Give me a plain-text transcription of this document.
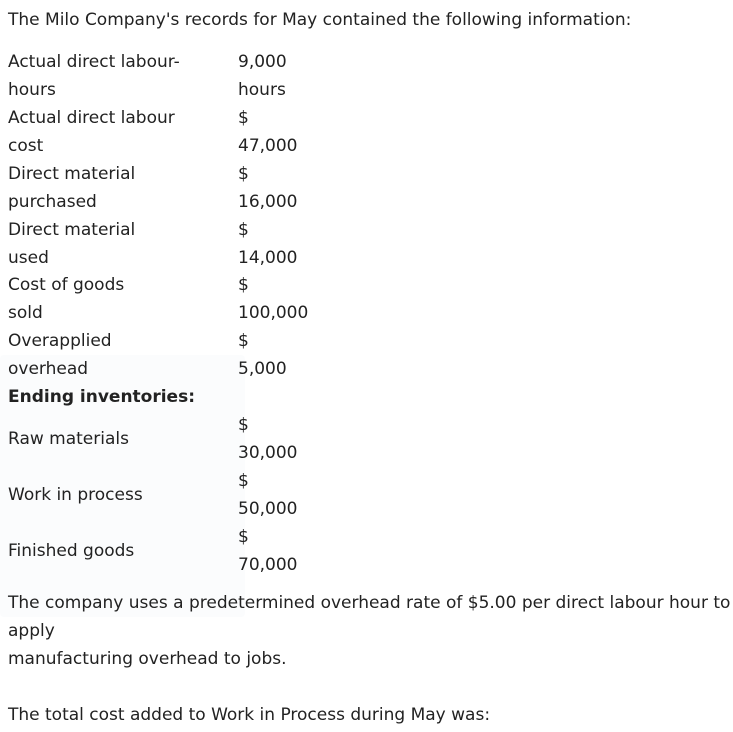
The Milo Company's records for May contained the following information:
Actual direct labour-
hours
9,000
hours
Actual direct labour
cost
$
47,000
Direct material
purchased
$
16,000
Direct material
used
$
14,000
Cost of goods
sold
$
100,000
Overapplied
overhead
$
5,000
Ending inventories:
Raw materials
$
30,000
Work in process
$
50,000
Finished goods
$
70,000
The company uses a predetermined overhead rate of $5.00 per direct labour hour to
apply
manufacturing overhead to jobs.
The total cost added to Work in Process during May was:
